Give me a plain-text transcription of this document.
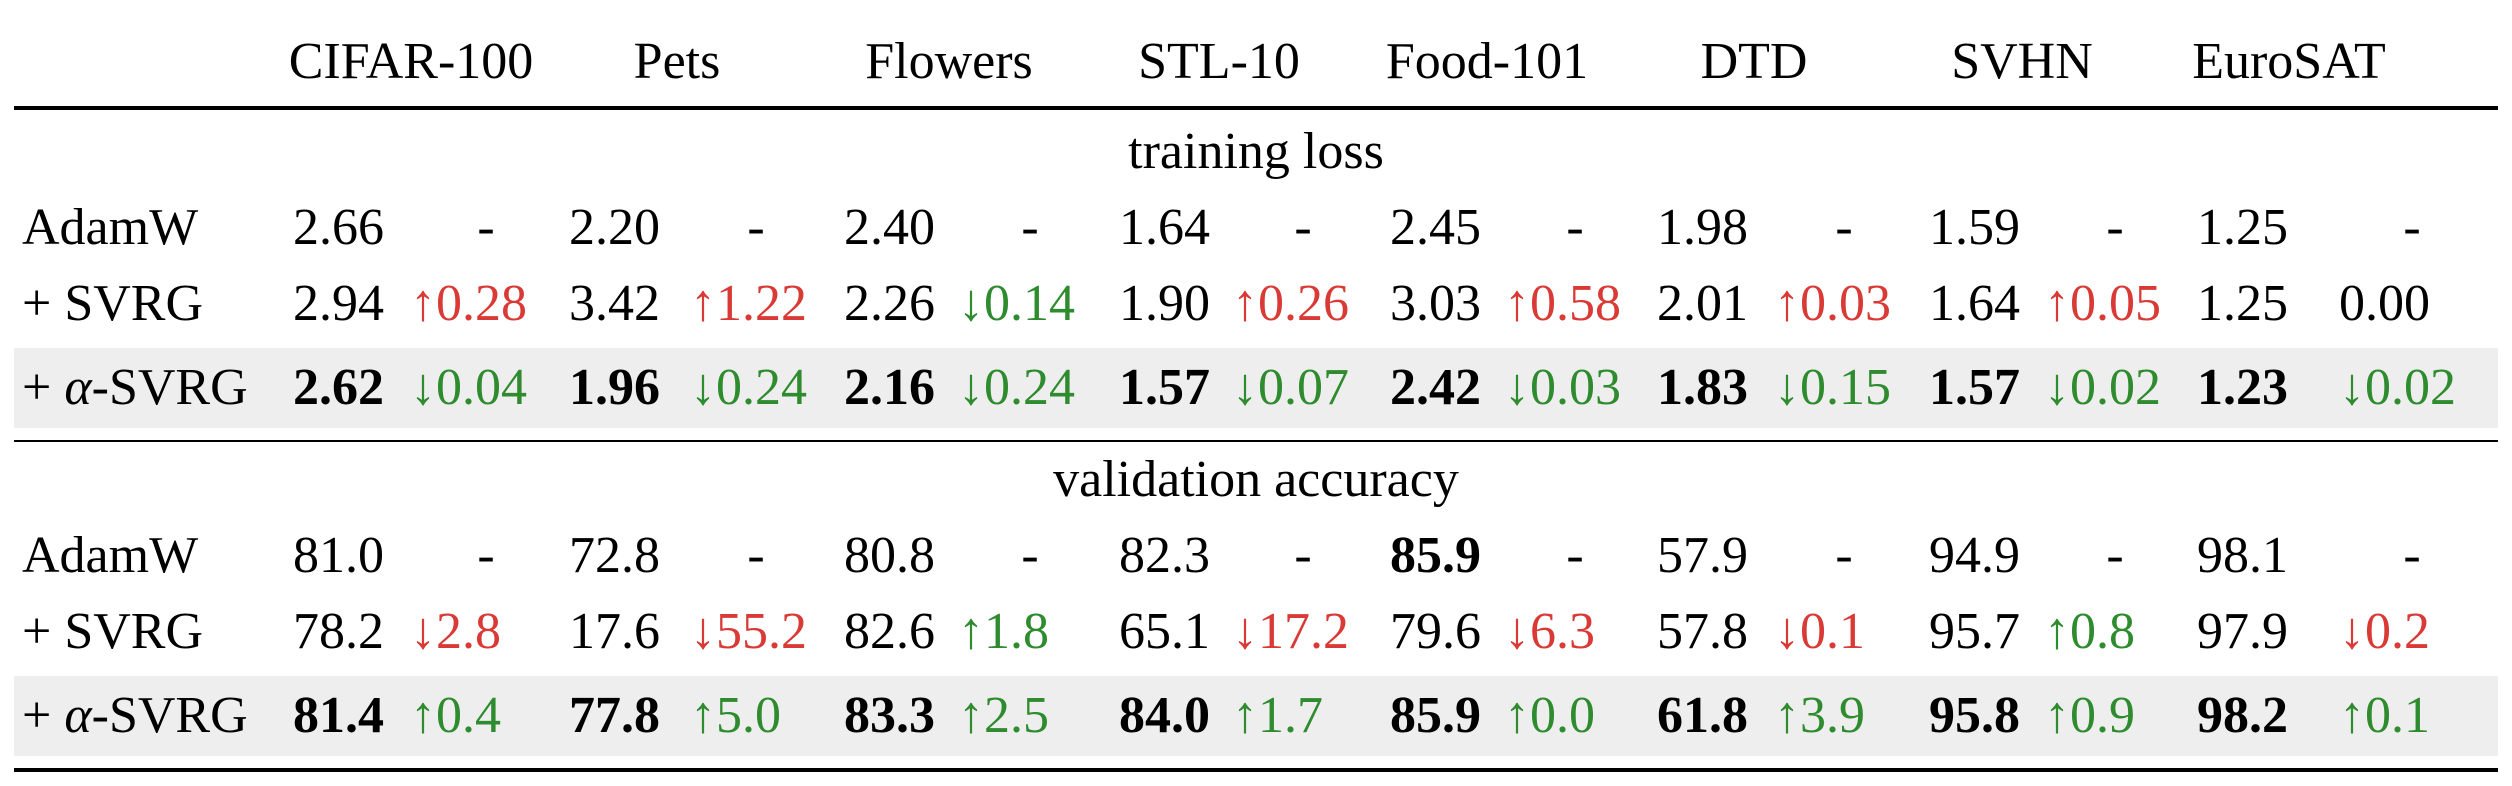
CIFAR-100 Pets	Flowers STL-10 Food-101 DTD	SVHN EuroSAT
training loss
AdamW 2.66 - 2.20 - 2.40 - 1.64 - 2.45 - 1.98 - 1.59 - 1.25 -
+ SVRG 2.94 ↑0.28 3.42 ↑1.22 2.26 ↓0.14 1.90 ↑0.26 3.03 ↑0.58 2.01 ↑0.03 1.64 ↑0.05 1.25 0.00
+ α-SVRG 2.62 ↓0.04 1.96 ↓0.24 2.16 ↓0.24 1.57 ↓0.07 2.42 ↓0.03 1.83 ↓0.15 1.57 ↓0.02 1.23 ↓0.02
validation accuracy
AdamW 81.0 - 72.8 - 80.8 - 82.3 - 85.9 - 57.9 - 94.9 - 98.1 -
+ SVRG 78.2 ↓2.8 17.6 ↓55.2 82.6 ↑1.8 65.1 ↓17.2 79.6 ↓6.3 57.8 ↓0.1 95.7 ↑0.8 97.9 ↓0.2
+ α-SVRG 81.4 ↑0.4 77.8 ↑5.0 83.3 ↑2.5 84.0 ↑1.7 85.9 ↑0.0 61.8 ↑3.9 95.8 ↑0.9 98.2 ↑0.1
